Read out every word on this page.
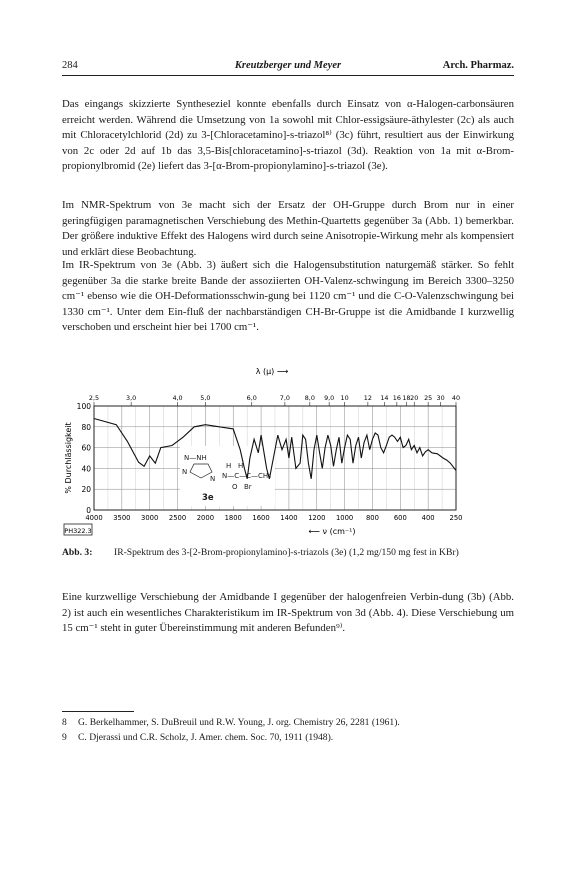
284	Kreutzberger und Meyer	Arch. Pharmaz.

Das eingangs skizzierte Syntheseziel konnte ebenfalls durch Einsatz von α-Halogen-carbonsäuren erreicht werden. Während die Umsetzung von 1a sowohl mit Chlor-essigsäure-äthylester (2c) als auch mit Chloracetylchlorid (2d) zu 3-[Chloracetamino]-s-triazol⁸⁾ (3c) führt, resultiert aus der Einwirkung von 2c oder 2d auf 1b das 3,5-Bis[chloracetamino]-s-triazol (3d). Reaktion von 1a mit α-Brom-propionylbromid (2e) liefert das 3-[α-Brom-propionylamino]-s-triazol (3e).

Im NMR-Spektrum von 3e macht sich der Ersatz der OH-Gruppe durch Brom nur in einer geringfügigen paramagnetischen Verschiebung des Methin-Quartetts gegenüber 3a (Abb. 1) bemerkbar. Der größere induktive Effekt des Halogens wird durch seine Anisotropie-Wirkung mehr als kompensiert und erklärt diese Beobachtung.

Im IR-Spektrum von 3e (Abb. 3) äußert sich die Halogensubstitution naturgemäß stärker. So fehlt gegenüber 3a die starke breite Bande der assoziierten OH-Valenz-schwingung im Bereich 3300–3250 cm⁻¹ ebenso wie die OH-Deformationsschwin-gung bei 1120 cm⁻¹ und die C-O-Valenzschwingung bei 1330 cm⁻¹. Unter dem Ein-fluß der nachbarständigen CH-Br-Gruppe ist die Amidbande I kurzwellig verschoben und erscheint hier bei 1700 cm⁻¹.

λ (μ) ⟶
2,5	3,0	4,0	5,0	6,0	7,0 8,0 9,0 10 12 14 16 18 20 25 30 40
0
20
40
60
80
100
4000 3500 3000 2500 2000 1800 1600 1400 1200 1000 800 600 400 250
% Durchlässigkeit
⟵ ν (cm⁻¹)
PH322.3
N—NH
N
N
H H
N—C—C—CH₃
O Br
3e
Abb. 3: IR-Spektrum des 3-[2-Brom-propionylamino]-s-triazols (3e) (1,2 mg/150 mg fest in KBr)

Eine kurzwellige Verschiebung der Amidbande I gegenüber der halogenfreien Verbin-dung (3b) (Abb. 2) ist auch ein wesentliches Charakteristikum im IR-Spektrum von 3d (Abb. 4). Diese Verschiebung um 15 cm⁻¹ steht in guter Übereinstimmung mit anderen Befunden⁹⁾.

8 G. Berkelhammer, S. DuBreuil und R.W. Young, J. org. Chemistry 26, 2281 (1961).
9 C. Djerassi und C.R. Scholz, J. Amer. chem. Soc. 70, 1911 (1948).
